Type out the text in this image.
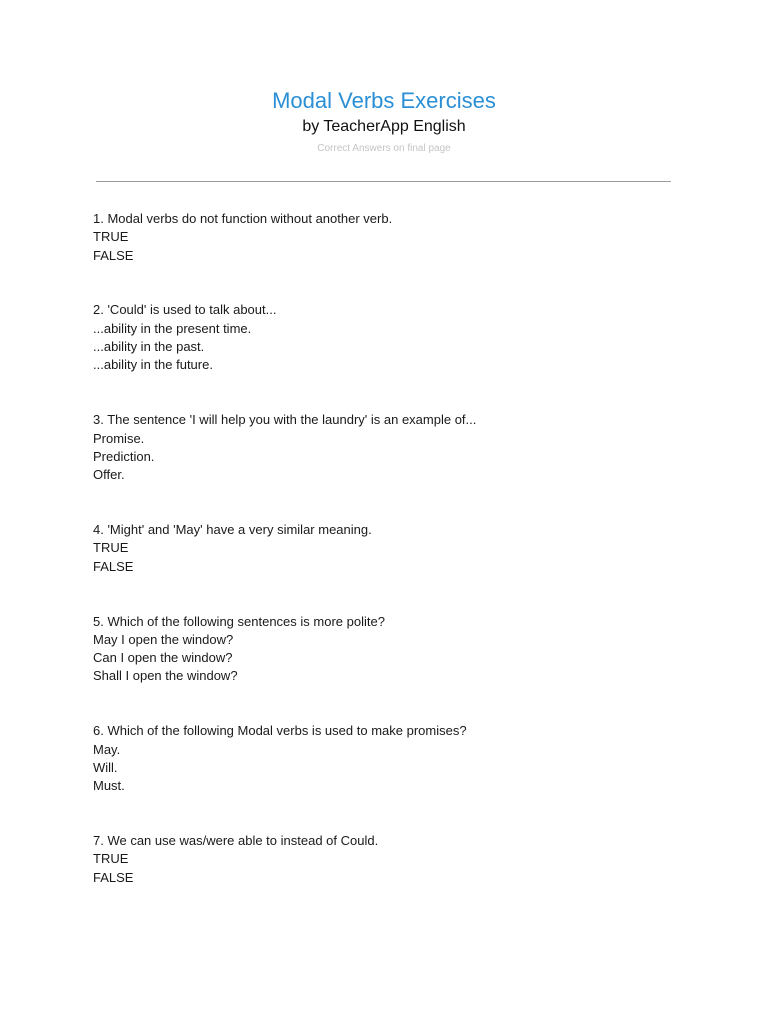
Modal Verbs Exercises
by TeacherApp English
Correct Answers on final page
1. Modal verbs do not function without another verb.
TRUE
FALSE
2. 'Could' is used to talk about...
...ability in the present time.
...ability in the past.
...ability in the future.
3. The sentence 'I will help you with the laundry' is an example of...
Promise.
Prediction.
Offer.
4. 'Might' and 'May' have a very similar meaning.
TRUE
FALSE
5. Which of the following sentences is more polite?
May I open the window?
Can I open the window?
Shall I open the window?
6. Which of the following Modal verbs is used to make promises?
May.
Will.
Must.
7. We can use was/were able to instead of Could.
TRUE
FALSE
